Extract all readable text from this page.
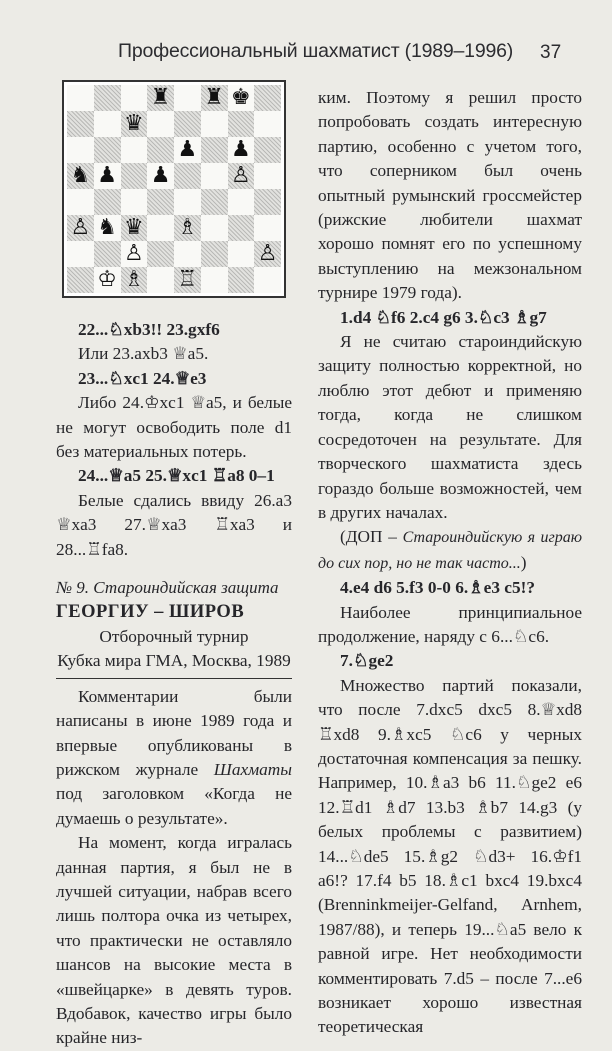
Профессиональный шахматист (1989–1996) 37
♜ ♜ ♚
♛
♟ ♟
♞ ♟ ♟	♙
♙ ♞ ♛ ♗
♙	♙
♔ ♗ ♖

22...♘xb3!! 23.gxf6

Или 23.axb3 ♕a5.

23...♘xc1 24.♕e3

Либо 24.♔xc1 ♕a5, и белые не могут освободить поле d1 без материальных потерь.

24...♕a5 25.♕xc1 ♖a8 0–1

Белые сдались ввиду 26.a3 ♕xa3 27.♕xa3 ♖xa3 и 28...♖fa8.

№ 9. Староиндийская защита

ГЕОРГИУ – ШИРОВ

Отборочный турнир

Кубка мира ГМА, Москва, 1989

Комментарии были написаны в июне 1989 года и впервые опубликованы в рижском журнале Шахматы под заголовком «Когда не думаешь о результате».

На момент, когда игралась данная партия, я был не в лучшей ситуации, набрав всего лишь полтора очка из четырех, что практически не оставляло шансов на высокие места в «швейцарке» в девять туров. Вдобавок, качество игры было крайне низ-

ким. Поэтому я решил просто попробовать создать интересную партию, особенно с учетом того, что соперником был очень опытный румынский гроссмейстер (рижские любители шахмат хорошо помнят его по успешному выступлению на межзональном турнире 1979 года).

1.d4 ♘f6 2.c4 g6 3.♘c3 ♗g7

Я не считаю староиндийскую защиту полностью корректной, но люблю этот дебют и применяю тогда, когда не слишком сосредоточен на результате. Для творческого шахматиста здесь гораздо больше возможностей, чем в других началах.

(ДОП – Староиндийскую я играю до сих пор, но не так часто...)

4.e4 d6 5.f3 0-0 6.♗e3 c5!?

Наиболее принципиальное продолжение, наряду с 6...♘c6.

7.♘ge2

Множество партий показали, что после 7.dxc5 dxc5 8.♕xd8 ♖xd8 9.♗xc5 ♘c6 у черных достаточная компенсация за пешку. Например, 10.♗a3 b6 11.♘ge2 e6 12.♖d1 ♗d7 13.b3 ♗b7 14.g3 (у белых проблемы с развитием) 14...♘de5 15.♗g2 ♘d3+ 16.♔f1 a6!? 17.f4 b5 18.♗c1 bxc4 19.bxc4 (Brenninkmeijer-Gelfand, Arnhem, 1987/88), и теперь 19...♘a5 вело к равной игре. Нет необходимости комментировать 7.d5 – после 7...e6 возникает хорошо известная теоретическая
